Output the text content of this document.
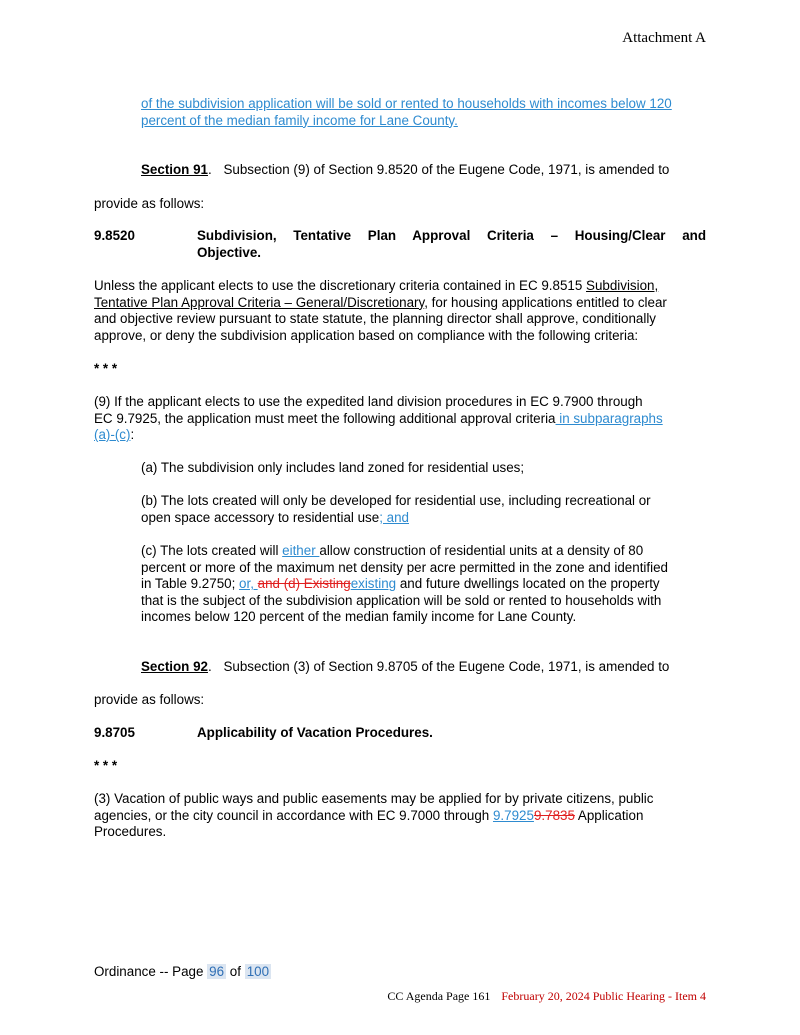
Attachment A
of the subdivision application will be sold or rented to households with incomes below 120
percent of the median family income for Lane County.
Section 91. Subsection (9) of Section 9.8520 of the Eugene Code, 1971, is amended to
provide as follows:
9.8520	Subdivision, Tentative Plan Approval Criteria – Housing/Clear and
Objective.
Unless the applicant elects to use the discretionary criteria contained in EC 9.8515 Subdivision,
Tentative Plan Approval Criteria – General/Discretionary, for housing applications entitled to clear
and objective review pursuant to state statute, the planning director shall approve, conditionally
approve, or deny the subdivision application based on compliance with the following criteria:
* * *
(9) If the applicant elects to use the expedited land division procedures in EC 9.7900 through
EC 9.7925, the application must meet the following additional approval criteria in subparagraphs
(a)-(c):
(a) The subdivision only includes land zoned for residential uses;
(b) The lots created will only be developed for residential use, including recreational or
open space accessory to residential use; and
(c) The lots created will either allow construction of residential units at a density of 80
percent or more of the maximum net density per acre permitted in the zone and identified
in Table 9.2750; or, and (d) Existingexisting and future dwellings located on the property
that is the subject of the subdivision application will be sold or rented to households with
incomes below 120 percent of the median family income for Lane County.
Section 92. Subsection (3) of Section 9.8705 of the Eugene Code, 1971, is amended to
provide as follows:
9.8705	Applicability of Vacation Procedures.
* * *
(3) Vacation of public ways and public easements may be applied for by private citizens, public
agencies, or the city council in accordance with EC 9.7000 through 9.79259.7835 Application
Procedures.
Ordinance -- Page 96 of 100
CC Agenda Page 161 February 20, 2024 Public Hearing - Item 4
